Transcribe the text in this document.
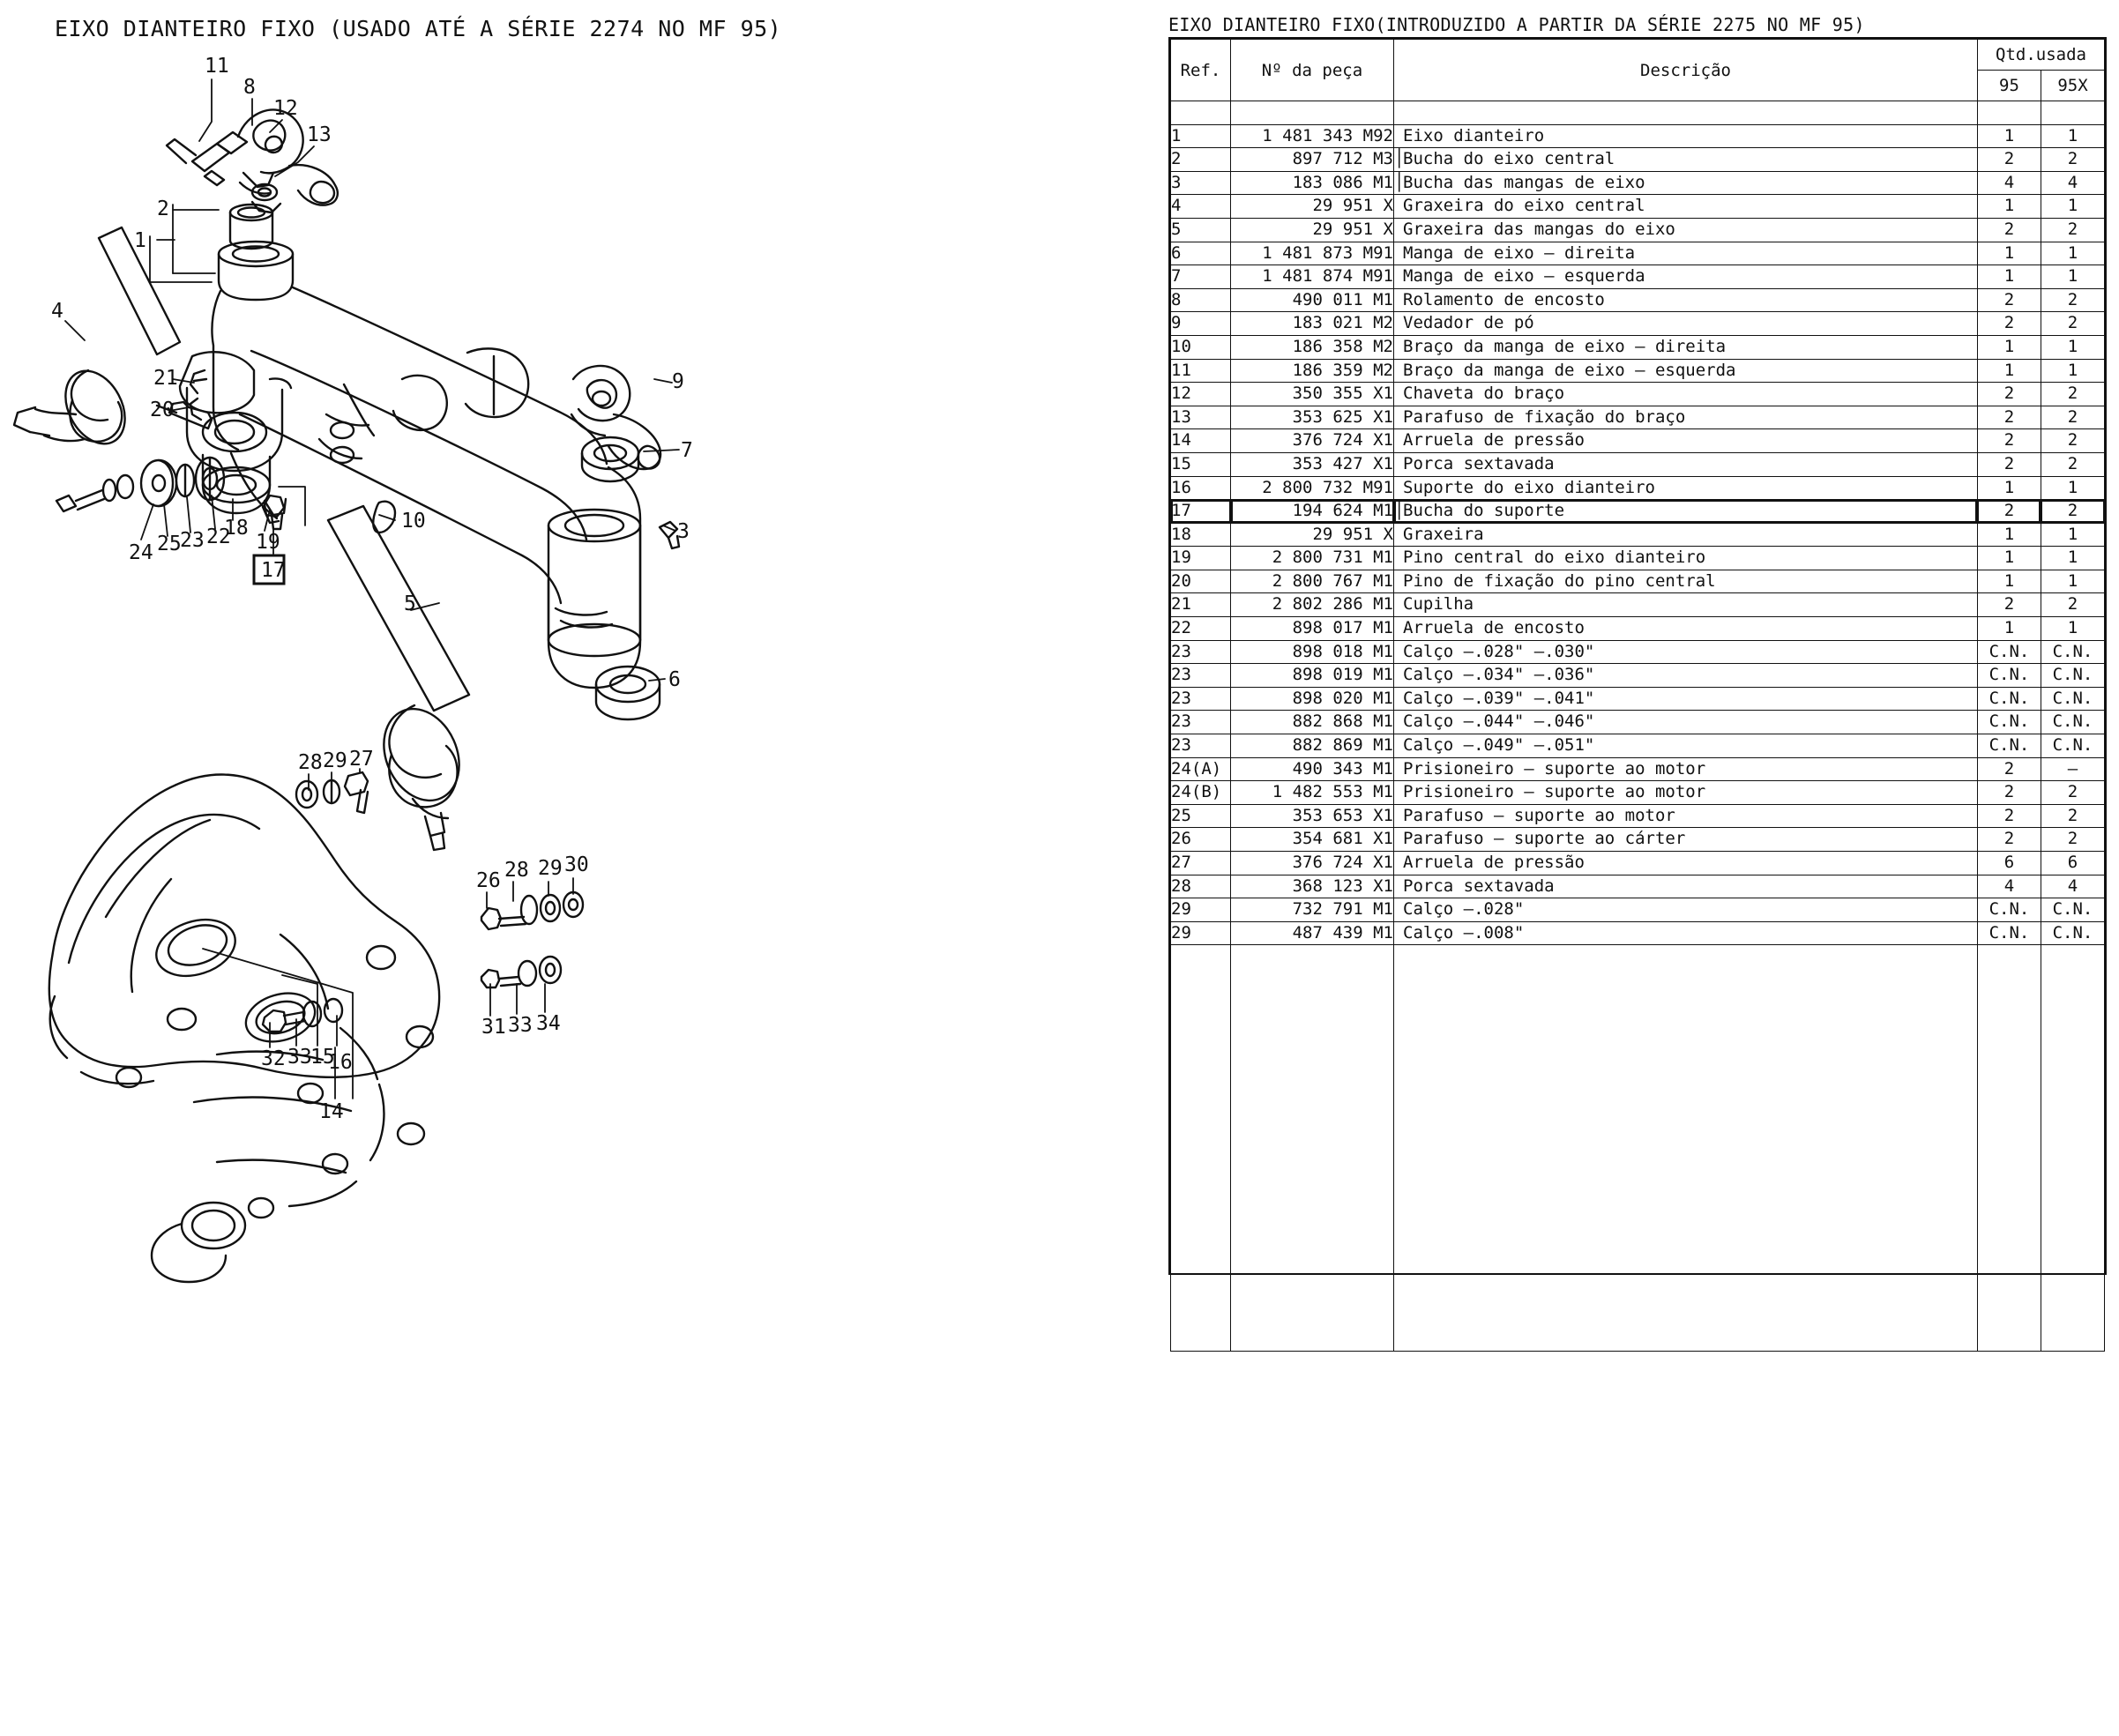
EIXO DIANTEIRO FIXO (USADO ATÉ A SÉRIE 2274 NO MF 95)
11
8
12
13
2
1
4
21
20
24 25
23 22
18
19
10
5
9
7
3
6
28 29 27
26 28 29 30
31 33 34
32 33
15
16
14
17
EIXO DIANTEIRO FIXO(INTRODUZIDO A PARTIR DA SÉRIE 2275 NO MF 95)
Ref.	Nº da peça	Descrição	Qtd.usada	
			95	95X

1	1 481 343 M92	Eixo dianteiro	1	1
2	897 712 M3	│Bucha do eixo central	2	2
3	183 086 M1	│Bucha das mangas de eixo	4	4
4	29 951 X	Graxeira do eixo central	1	1
5	29 951 X	Graxeira das mangas do eixo	2	2
6	1 481 873 M91	Manga de eixo – direita	1	1
7	1 481 874 M91	Manga de eixo – esquerda	1	1
8	490 011 M1	Rolamento de encosto	2	2
9	183 021 M2	Vedador de pó	2	2
10	186 358 M2	Braço da manga de eixo – direita	1	1
11	186 359 M2	Braço da manga de eixo – esquerda	1	1
12	350 355 X1	Chaveta do braço	2	2
13	353 625 X1	Parafuso de fixação do braço	2	2
14	376 724 X1	Arruela de pressão	2	2
15	353 427 X1	Porca sextavada	2	2
16	2 800 732 M91	Suporte do eixo dianteiro	1	1
17	194 624 M1	│Bucha do suporte	2	2
18	29 951 X	Graxeira	1	1
19	2 800 731 M1	Pino central do eixo dianteiro	1	1
20	2 800 767 M1	Pino de fixação do pino central	1	1
21	2 802 286 M1	Cupilha	2	2
22	898 017 M1	Arruela de encosto	1	1
23	898 018 M1	Calço –.028" –.030"	C.N.	C.N.
23	898 019 M1	Calço –.034" –.036"	C.N.	C.N.
23	898 020 M1	Calço –.039" –.041"	C.N.	C.N.
23	882 868 M1	Calço –.044" –.046"	C.N.	C.N.
23	882 869 M1	Calço –.049" –.051"	C.N.	C.N.
24(A)	490 343 M1	Prisioneiro – suporte ao motor	2	–
24(B)	1 482 553 M1	Prisioneiro – suporte ao motor	2	2
25	353 653 X1	Parafuso – suporte ao motor	2	2
26	354 681 X1	Parafuso – suporte ao cárter	2	2
27	376 724 X1	Arruela de pressão	6	6
28	368 123 X1	Porca sextavada	4	4
29	732 791 M1	Calço –.028"	C.N.	C.N.
29	487 439 M1	Calço –.008"	C.N.	C.N.
